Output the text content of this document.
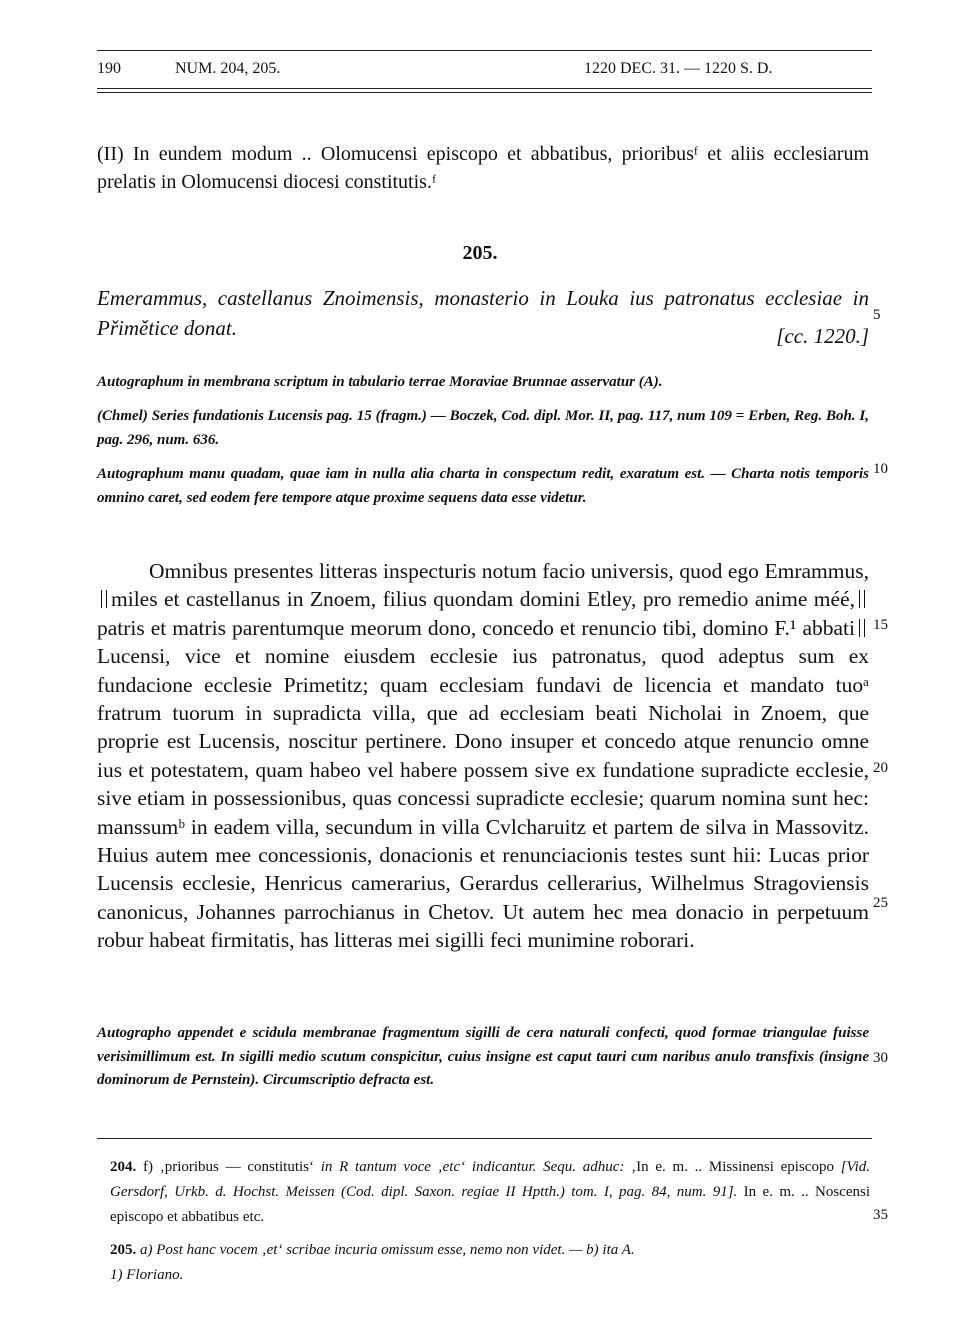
190	NUM. 204, 205.	1220 DEC. 31. — 1220 S. D.

(II) In eundem modum .. Olomucensi episcopo et abbatibus, prioribusᶠ et aliis ecclesiarum prelatis in Olomucensi diocesi constitutis.ᶠ

205.

Emerammus, castellanus Znoimensis, monasterio in Louka ius patronatus ecclesiae in Přimětice donat.	[cc. 1220.]

Autographum in membrana scriptum in tabulario terrae Moraviae Brunnae asservatur (A).

(Chmel) Series fundationis Lucensis pag. 15 (fragm.) — Boczek, Cod. dipl. Mor. II, pag. 117, num 109 = Erben, Reg. Boh. I, pag. 296, num. 636.

Autographum manu quadam, quae iam in nulla alia charta in conspectum redit, exaratum est. — Charta notis temporis omnino caret, sed eodem fere tempore atque proxime sequens data esse videtur.

Omnibus presentes litteras inspecturis notum facio universis, quod ego Emrammus,miles et castellanus in Znoem, filius quondam domini Etley, pro remedio anime méé,patris et matris parentumque meorum dono, concedo et renuncio tibi, domino F.¹ abbatiLucensi, vice et nomine eiusdem ecclesie ius patronatus, quod adeptus sum ex fundacione ecclesie Primetitz; quam ecclesiam fundavi de licencia et mandato tuoᵃ fratrum tuorum in supradicta villa, que ad ecclesiam beati Nicholai in Znoem, que proprie est Lucensis, noscitur pertinere. Dono insuper et concedo atque renuncio omne ius et potestatem, quam habeo vel habere possem sive ex fundatione supradicte ecclesie, sive etiam in possessionibus, quas concessi supradicte ecclesie; quarum nomina sunt hec: manssumᵇ in eadem villa, secundum in villa Cvlcharuitz et partem de silva in Massovitz. Huius autem mee concessionis, donacionis et renunciacionis testes sunt hii: Lucas prior Lucensis ecclesie, Henricus camerarius, Gerardus cellerarius, Wilhelmus Stragoviensis canonicus, Johannes parrochianus in Chetov. Ut autem hec mea donacio in perpetuum robur habeat firmitatis, has litteras mei sigilli feci munimine roborari.

Autographo appendet e scidula membranae fragmentum sigilli de cera naturali confecti, quod formae triangulae fuisse verisimillimum est. In sigilli medio scutum conspicitur, cuius insigne est caput tauri cum naribus anulo transfixis (insigne dominorum de Pernstein). Circumscriptio defracta est.

204. f) ‚prioribus — constitutis‘ in R tantum voce ‚etc‘ indicantur. Sequ. adhuc: ‚In e. m. .. Missinensi episcopo [Vid. Gersdorf, Urkb. d. Hochst. Meissen (Cod. dipl. Saxon. regiae II Hptth.) tom. I, pag. 84, num. 91]. In e. m. .. Noscensi episcopo et abbatibus etc.

205. a) Post hanc vocem ‚et‘ scribae incuria omissum esse, nemo non videt. — b) ita A.
1) Floriano.

5
10
15
20
25
30
35
